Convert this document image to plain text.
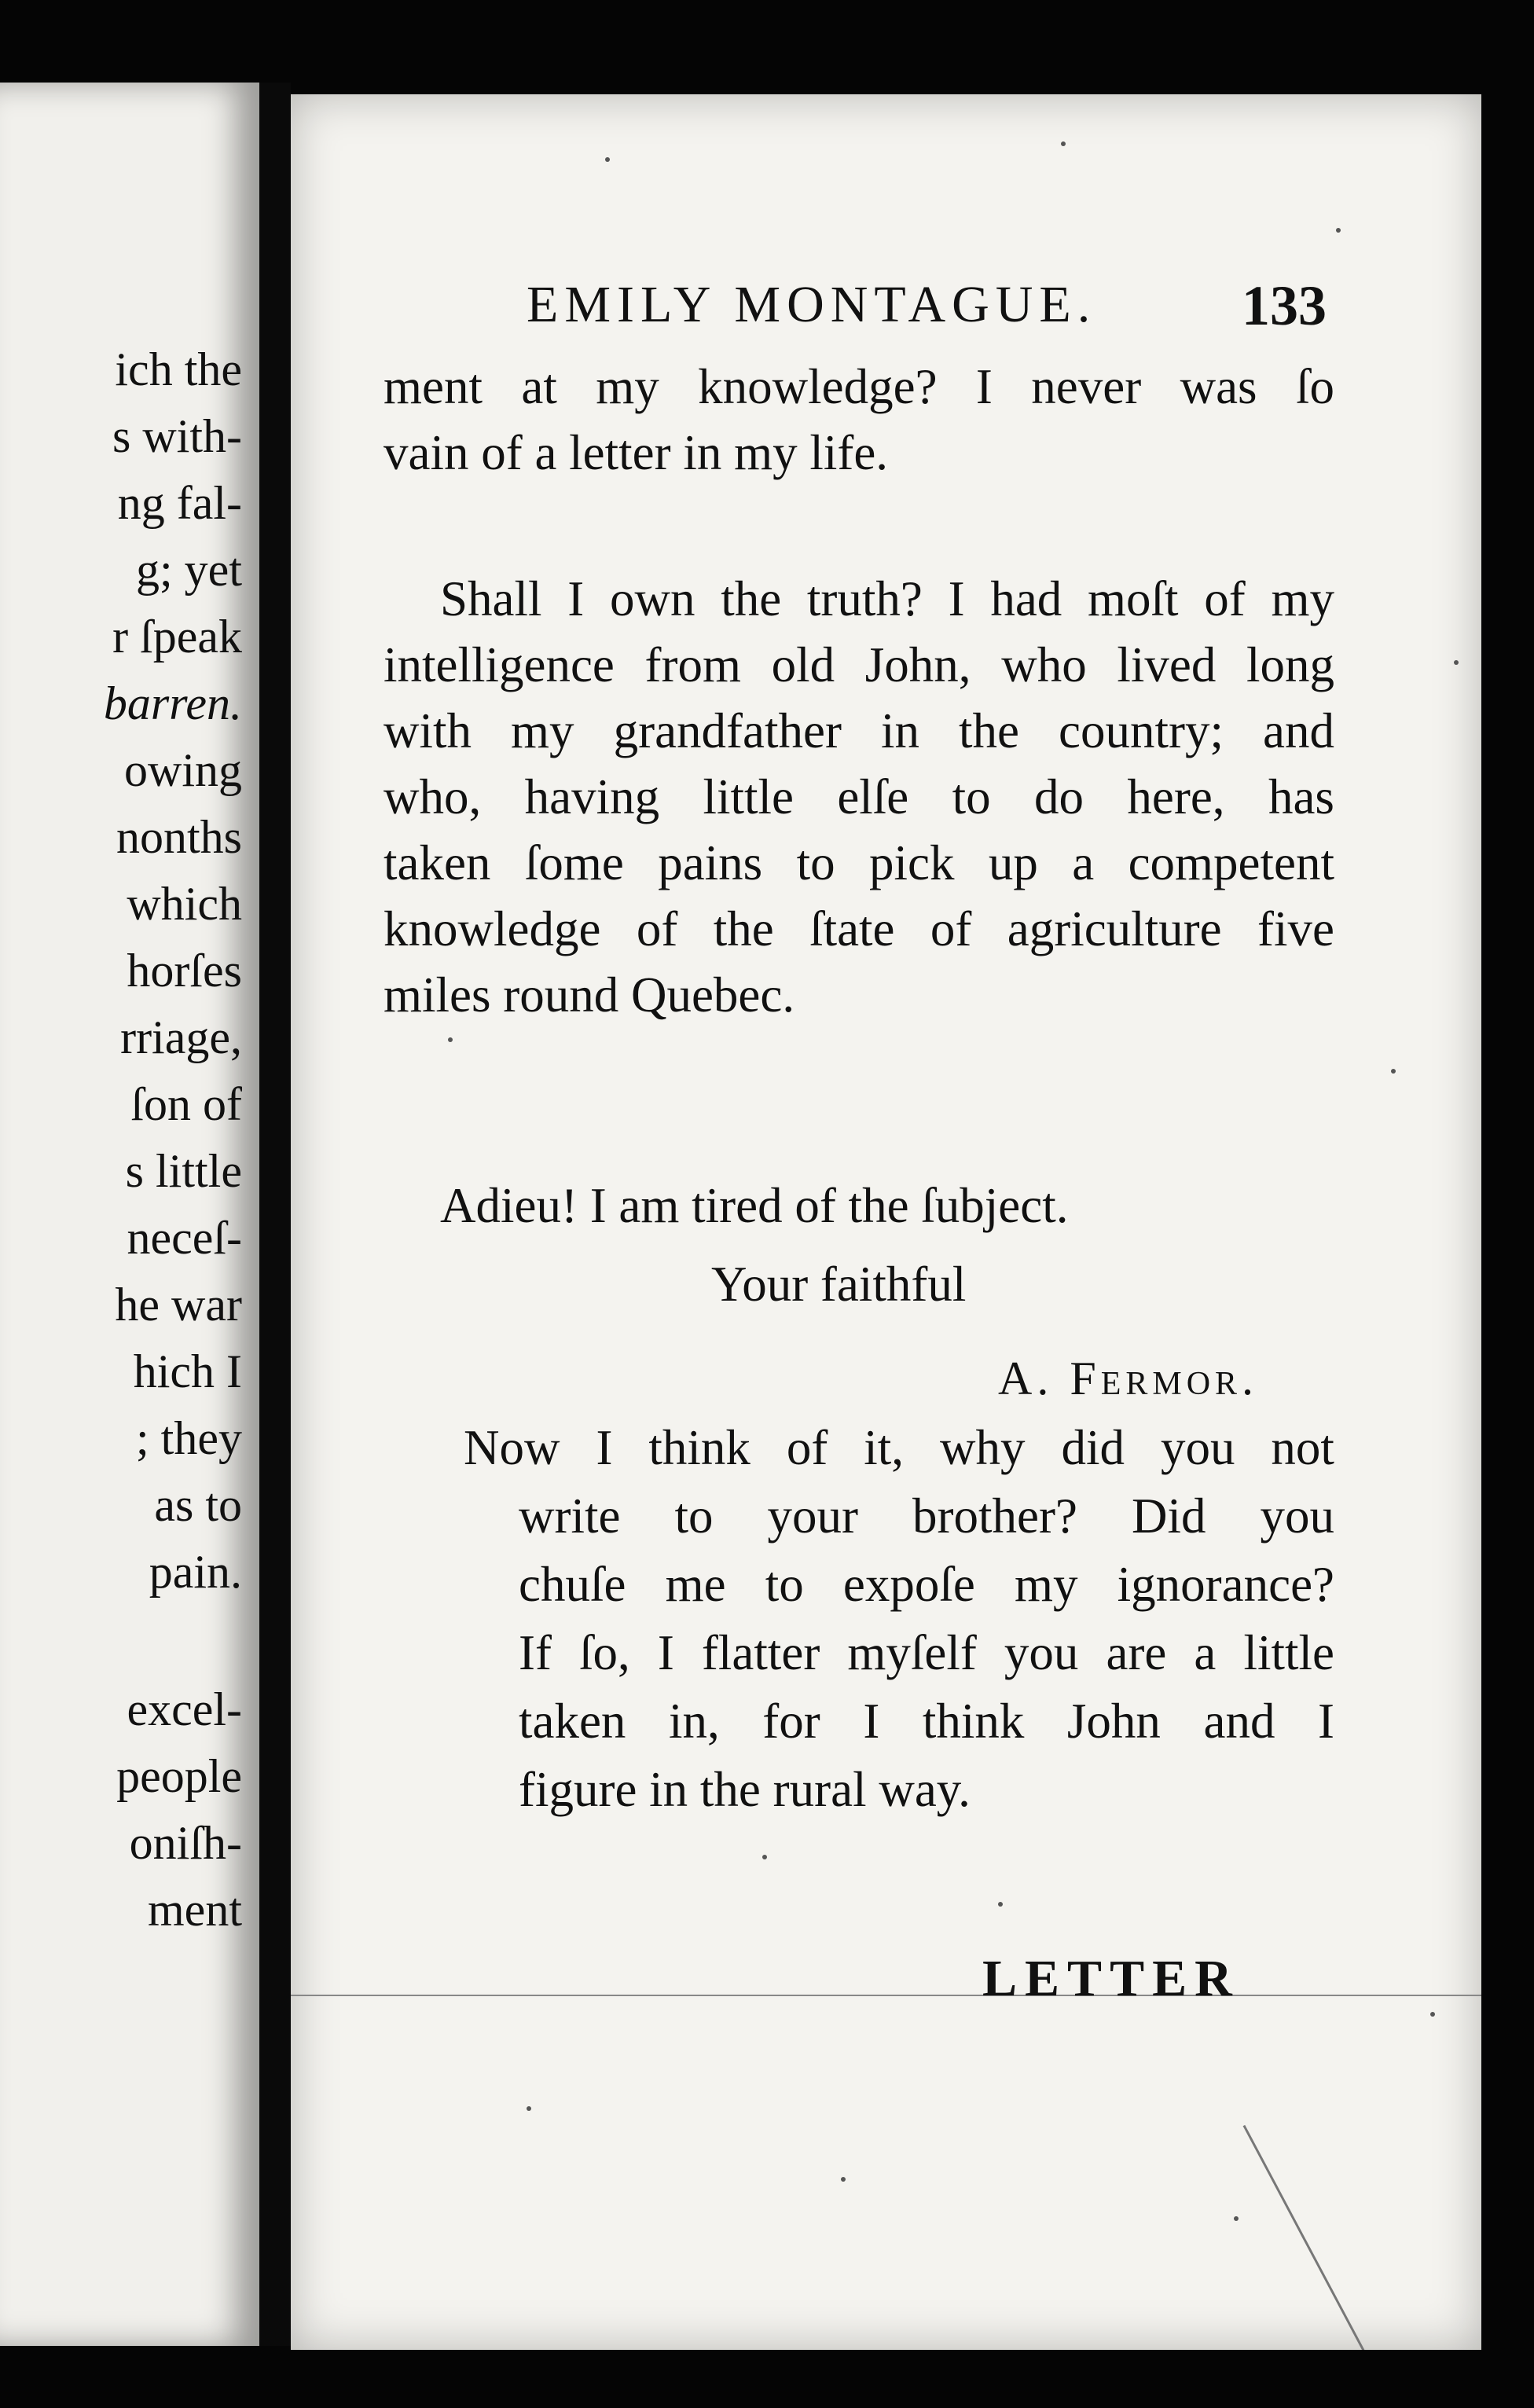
ich the
s with-
ng fal-
g; yet
r ſpeak
barren.
owing
nonths
which
horſes
rriage,
ſon of
s little
neceſ-
he war
hich I
; they
as to
pain.
excel-
people
oniſh-
ment
EMILY MONTAGUE.	133
ment at my knowledge? I never was ſo
vain of a letter in my life.
Shall I own the truth? I had moſt of my
intelligence from old John, who lived long
with my grandfather in the country; and
who, having little elſe to do here, has
taken ſome pains to pick up a competent
knowledge of the ſtate of agriculture five
miles round Quebec.
Adieu! I am tired of the ſubject.
Your faithful
A. Fermor.
Now I think of it, why did you not
write to your brother? Did you
chuſe me to expoſe my ignorance?
If ſo, I flatter myſelf you are a little
taken in, for I think John and I
figure in the rural way.
LETTER
